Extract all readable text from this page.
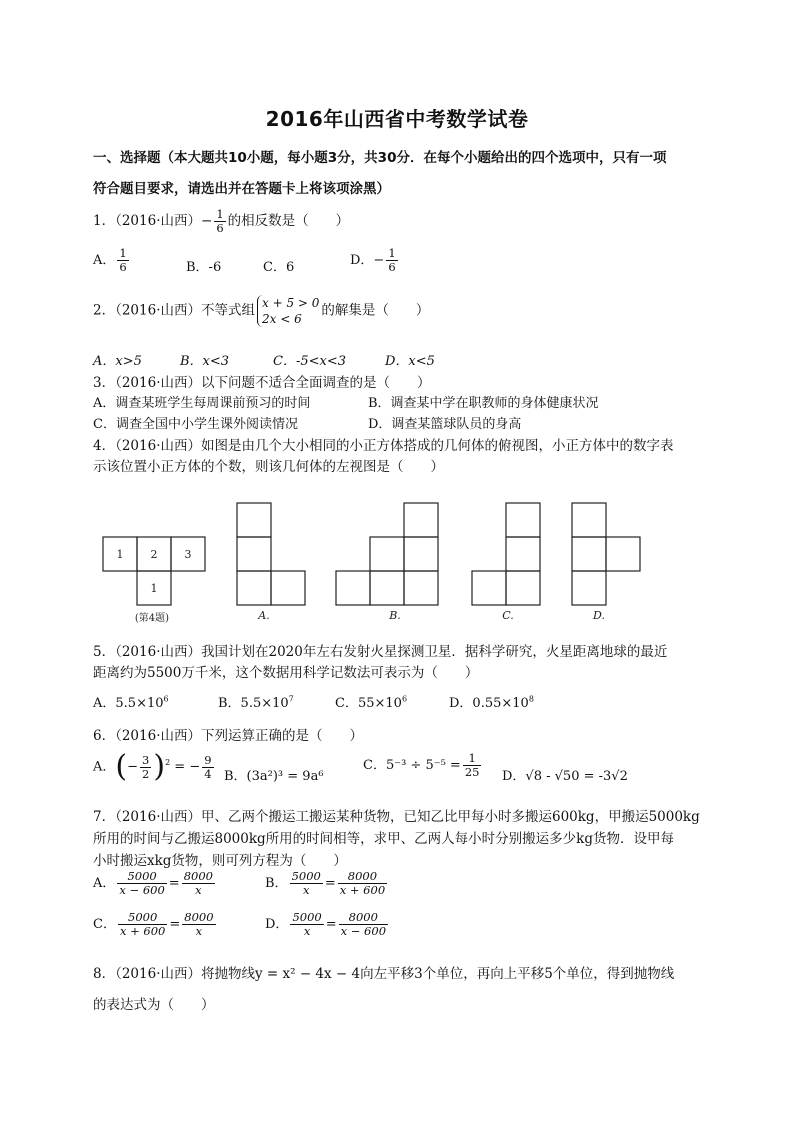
2016年山西省中考数学试卷
一、选择题（本大题共10小题，每小题3分，共30分．在每个小题给出的四个选项中，只有一项
符合题目要求，请选出并在答题卡上将该项涂黑）
1．（2016·山西）− $\frac{1}{6}$ 的相反数是（　　）
A． $\frac{1}{6}$	B．-6	C．6	D．− $\frac{1}{6}$
2．（2016·山西）不等式组 x + 5 > 0
2x < 6
的解集是（　　）
A．x>5	B．x<3	C．-5<x<3	D．x<5
3．（2016·山西）以下问题不适合全面调查的是（　　）
A．调查某班学生每周课前预习的时间	B．调查某中学在职教师的身体健康状况
C．调查全国中小学生课外阅读情况	D．调查某篮球队员的身高
4．（2016·山西）如图是由几个大小相同的小正方体搭成的几何体的俯视图，小正方体中的数字表
示该位置小正方体的个数，则该几何体的左视图是（　　）
1 2 3
1
(第4题)	A.	B.	C.	D.
5．（2016·山西）我国计划在2020年左右发射火星探测卫星．据科学研究，火星距离地球的最近
距离约为5500万千米，这个数据用科学记数法可表示为（　　）
A．$5.5\times 10^6$	B．$5.5\times 10^7$	C．$55\times 10^6$	D．$0.55\times 10^8$
6．（2016·山西）下列运算正确的是（　　）
A．(− $\frac{3}{2} )^2$ = − $\frac{9}{4}$ B．(3a²)³ = 9a⁶
C．$5^{-3} \div 5^{-5} = \frac{1}{25}$ D．√8 - √50 = -3√2
7．（2016·山西）甲、乙两个搬运工搬运某种货物，已知乙比甲每小时多搬运600kg，甲搬运5000kg
所用的时间与乙搬运8000kg所用的时间相等，求甲、乙两人每小时分别搬运多少kg货物．设甲每
小时搬运xkg货物，则可列方程为（　　）
A． $\frac{5000}{x - 600} = \frac{8000}{x}$	B． $\frac{5000}{x} = \frac{8000}{x + 600}$
C． $\frac{5000}{x + 600} = \frac{8000}{x}$	D． $\frac{5000}{x} = \frac{8000}{x - 600}$
8．（2016·山西）将抛物线y = x² − 4x − 4向左平移3个单位，再向上平移5个单位，得到抛物线
的表达式为（　　）
